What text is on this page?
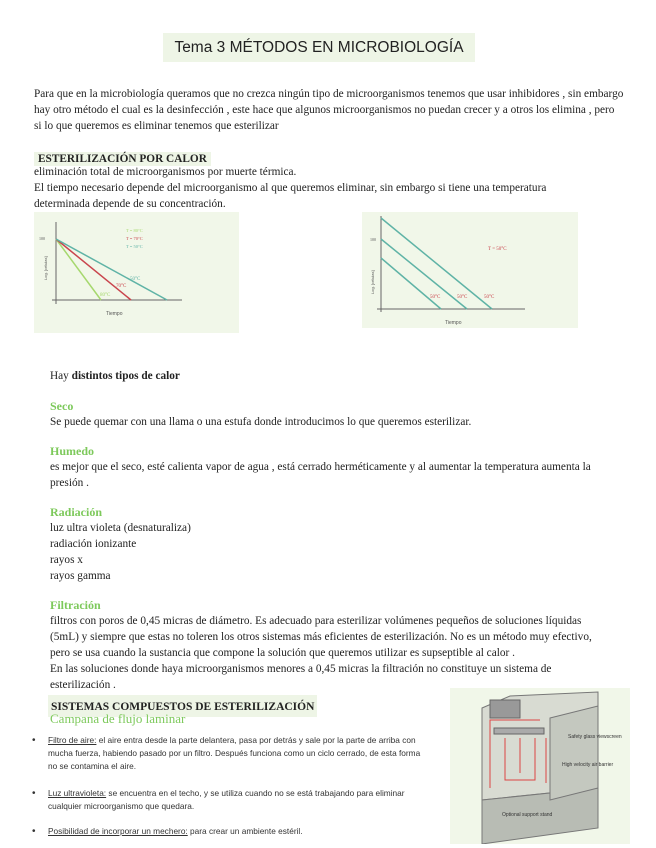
Tema 3 MÉTODOS EN MICROBIOLOGÍA
Para que en la microbiología queramos que no crezca ningún tipo de microorganismos tenemos que usar inhibidores , sin embargo hay otro método el cual es la desinfección , este hace que algunos microorganismos no puedan crecer y a otros los elimina , pero si lo que queremos es eliminar tenemos que esterilizar
ESTERILIZACIÓN POR CALOR
eliminación total de microorganismos por muerte térmica.
El tiempo necesario depende del microorganismo al que queremos eliminar, sin embargo si tiene una temperatura determinada depende de su concentración.
100
Log. [células]
Tiempo
80°C
70°C
50°C
T = 80°C
T = 70°C
T = 50°C
100
Log. [células]
Tiempo
50°C	50°C	50°C
T = 50°C
Hay distintos tipos de calor
Seco
Se puede quemar con una llama o una estufa donde introducimos lo que queremos esterilizar.
Humedo
es mejor que el seco, esté calienta vapor de agua , está cerrado herméticamente y al aumentar la temperatura aumenta la presión .
Radiación
luz ultra violeta (desnaturaliza)
radiación ionizante
rayos x
rayos gamma
Filtración
filtros con poros de 0,45 micras de diámetro. Es adecuado para esterilizar volúmenes pequeños de soluciones líquidas (5mL) y siempre que estas no toleren los otros sistemas más eficientes de esterilización. No es un método muy efectivo, pero se usa cuando la sustancia que compone la solución que queremos utilizar es supseptible al calor .
En las soluciones donde haya microorganismos menores a 0,45 micras la filtración no constituye un sistema de esterilización .
SISTEMAS COMPUESTOS DE ESTERILIZACIÓN
Campana de flujo laminar
• Filtro de aire: el aire entra desde la parte delantera, pasa por detrás y sale por la parte de arriba con mucha fuerza, habiendo pasado por un filtro. Después funciona como un ciclo cerrado, de esta forma no se contamina el aire.
• Luz ultravioleta: se encuentra en el techo, y se utiliza cuando no se está trabajando para eliminar cualquier microorganismo que quedara.
• Posibilidad de incorporar un mechero: para crear un ambiente estéril.
Safety glass viewscreen
High velocity air barrier
Optional support stand
